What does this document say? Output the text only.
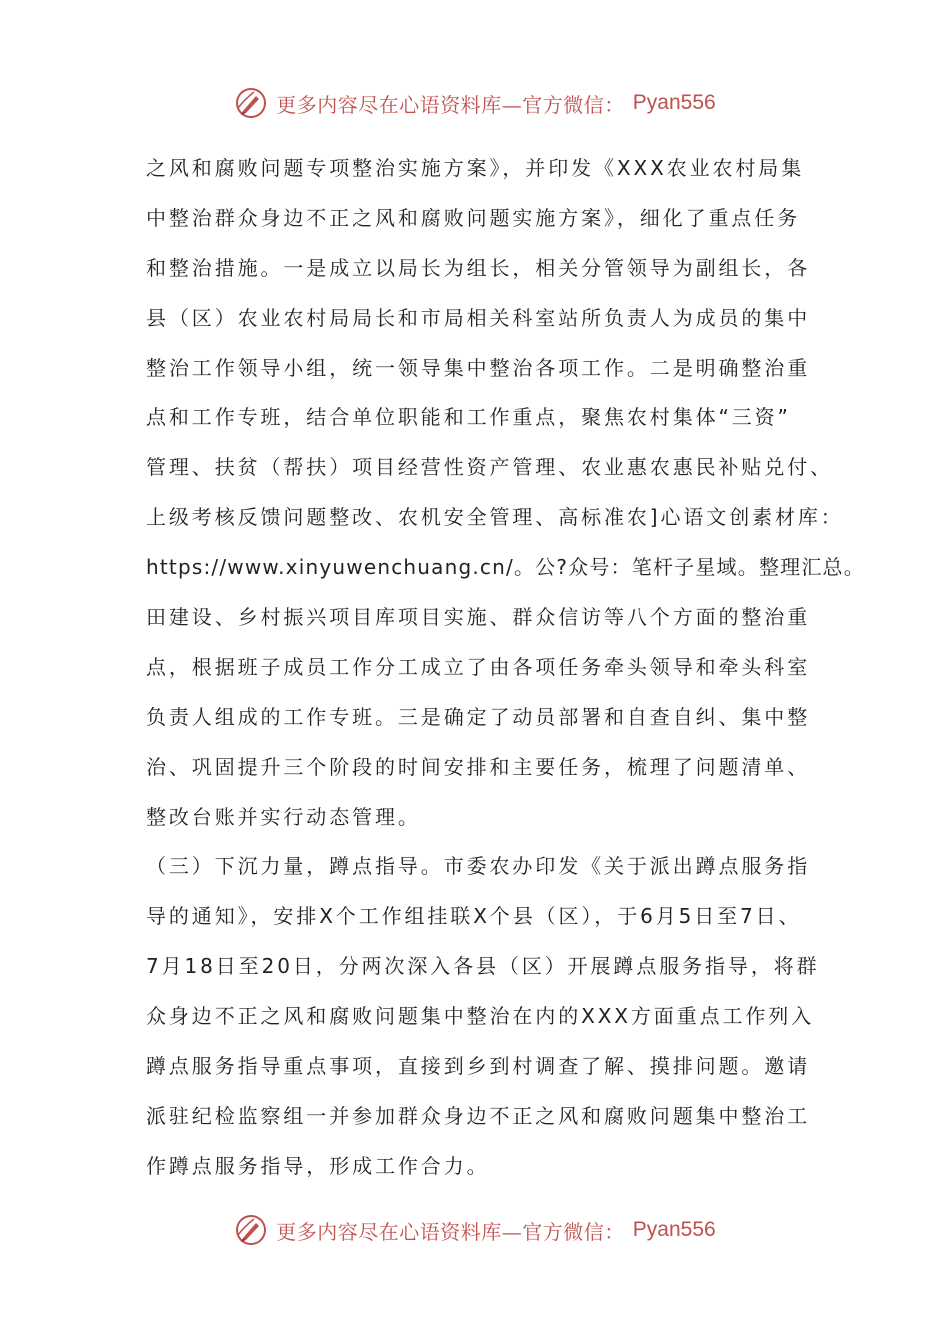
更多内容尽在心语资料库—官方微信： Pyan556
之风和腐败问题专项整治实施方案》，并印发《XXX农业农村局集
中整治群众身边不正之风和腐败问题实施方案》，细化了重点任务
和整治措施。一是成立以局长为组长，相关分管领导为副组长，各
县（区）农业农村局局长和市局相关科室站所负责人为成员的集中
整治工作领导小组，统一领导集中整治各项工作。二是明确整治重
点和工作专班，结合单位职能和工作重点，聚焦农村集体“三资”
管理、扶贫（帮扶）项目经营性资产管理、农业惠农惠民补贴兑付、
上级考核反馈问题整改、农机安全管理、高标准农]心语文创素材库：
https://www.xinyuwenchuang.cn/。公?众号：笔杆子星域。整理汇总。
田建设、乡村振兴项目库项目实施、群众信访等八个方面的整治重
点，根据班子成员工作分工成立了由各项任务牵头领导和牵头科室
负责人组成的工作专班。三是确定了动员部署和自查自纠、集中整
治、巩固提升三个阶段的时间安排和主要任务，梳理了问题清单、
整改台账并实行动态管理。
（三）下沉力量，蹲点指导。市委农办印发《关于派出蹲点服务指
导的通知》，安排X个工作组挂联X个县（区），于6月5日至7日、
7月18日至20日，分两次深入各县（区）开展蹲点服务指导，将群
众身边不正之风和腐败问题集中整治在内的XXX方面重点工作列入
蹲点服务指导重点事项，直接到乡到村调查了解、摸排问题。邀请
派驻纪检监察组一并参加群众身边不正之风和腐败问题集中整治工
作蹲点服务指导，形成工作合力。
更多内容尽在心语资料库—官方微信： Pyan556
